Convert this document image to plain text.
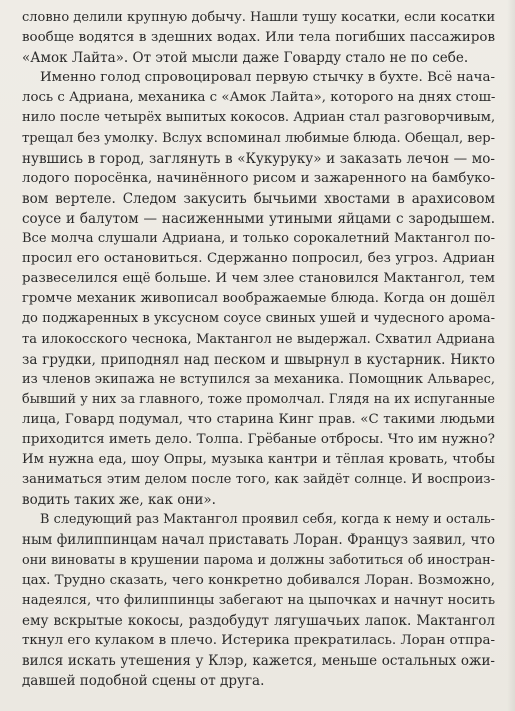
словно делили крупную добычу. Нашли тушу косатки, если косатки
вообще водятся в здешних водах. Или тела погибших пассажиров
«Амок Лайта». От этой мысли даже Говарду стало не по себе.

Именно голод спровоцировал первую стычку в бухте. Всё нача-
лось с Адриана, механика с «Амок Лайта», которого на днях стош-
нило после четырёх выпитых кокосов. Адриан стал разговорчивым,
трещал без умолку. Вслух вспоминал любимые блюда. Обещал, вер-
нувшись в город, заглянуть в «Кукуруку» и заказать лечон — мо-
лодого поросёнка, начинённого рисом и зажаренного на бамбуко-
вом вертеле. Следом закусить бычьими хвостами в арахисовом
соусе и балутом — насиженными утиными яйцами с зародышем.
Все молча слушали Адриана, и только сорокалетний Мактангол по-
просил его остановиться. Сдержанно попросил, без угроз. Адриан
развеселился ещё больше. И чем злее становился Мактангол, тем
громче механик живописал воображаемые блюда. Когда он дошёл
до поджаренных в уксусном соусе свиных ушей и чудесного арома-
та илокосского чеснока, Мактангол не выдержал. Схватил Адриана
за грудки, приподнял над песком и швырнул в кустарник. Никто
из членов экипажа не вступился за механика. Помощник Альварес,
бывший у них за главного, тоже промолчал. Глядя на их испуганные
лица, Говард подумал, что старина Кинг прав. «С такими людьми
приходится иметь дело. Толпа. Грёбаные отбросы. Что им нужно?
Им нужна еда, шоу Опры, музыка кантри и тёплая кровать, чтобы
заниматься этим делом после того, как зайдёт солнце. И воспроиз-
водить таких же, как они».

В следующий раз Мактангол проявил себя, когда к нему и осталь-
ным филиппинцам начал приставать Лоран. Француз заявил, что
они виноваты в крушении парома и должны заботиться об иностран-
цах. Трудно сказать, чего конкретно добивался Лоран. Возможно,
надеялся, что филиппинцы забегают на цыпочках и начнут носить
ему вскрытые кокосы, раздобудут лягушачьих лапок. Мактангол
ткнул его кулаком в плечо. Истерика прекратилась. Лоран отпра-
вился искать утешения у Клэр, кажется, меньше остальных ожи-
давшей подобной сцены от друга.
